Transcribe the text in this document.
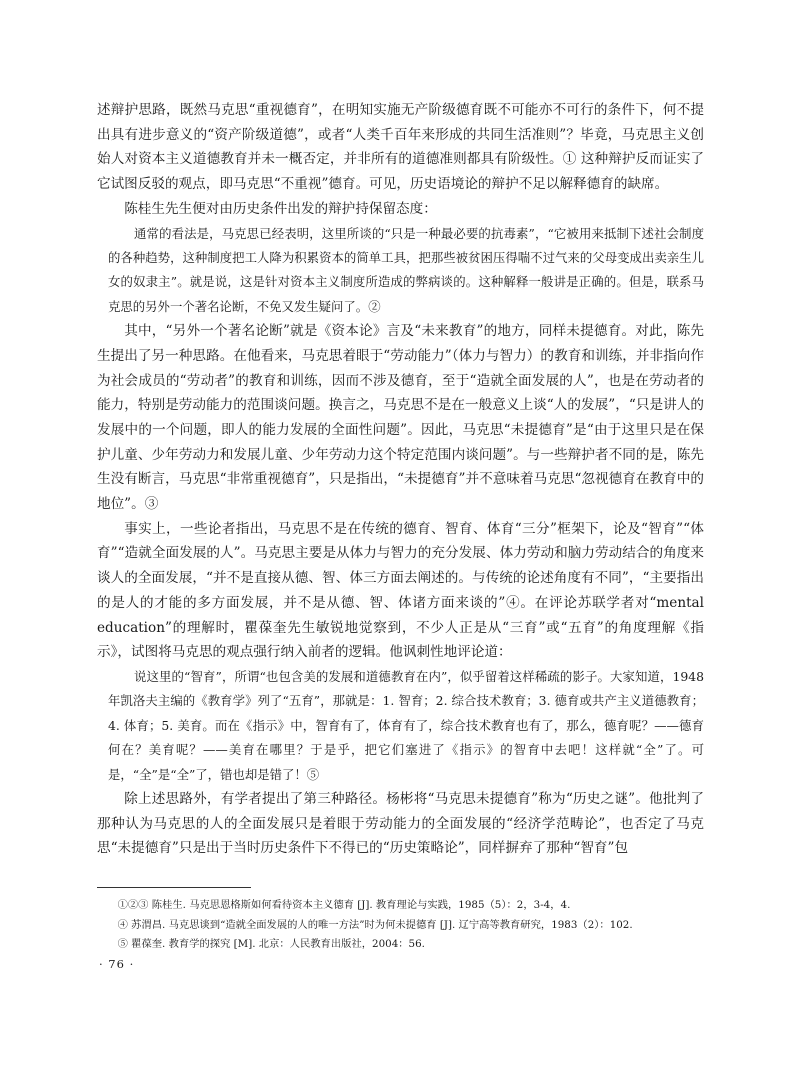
述辩护思路，既然马克思“重视德育”，在明知实施无产阶级德育既不可能亦不可行的条件下，何不提出具有进步意义的“资产阶级道德”，或者“人类千百年来形成的共同生活准则”？毕竟，马克思主义创始人对资本主义道德教育并未一概否定，并非所有的道德准则都具有阶级性。① 这种辩护反而证实了它试图反驳的观点，即马克思“不重视”德育。可见，历史语境论的辩护不足以解释德育的缺席。

陈桂生先生便对由历史条件出发的辩护持保留态度：

通常的看法是，马克思已经表明，这里所谈的“只是一种最必要的抗毒素”，“它被用来抵制下述社会制度的各种趋势，这种制度把工人降为积累资本的简单工具，把那些被贫困压得喘不过气来的父母变成出卖亲生儿女的奴隶主”。就是说，这是针对资本主义制度所造成的弊病谈的。这种解释一般讲是正确的。但是，联系马克思的另外一个著名论断，不免又发生疑问了。②

其中，“另外一个著名论断”就是《资本论》言及“未来教育”的地方，同样未提德育。对此，陈先生提出了另一种思路。在他看来，马克思着眼于“劳动能力”（体力与智力）的教育和训练，并非指向作为社会成员的“劳动者”的教育和训练，因而不涉及德育，至于“造就全面发展的人”，也是在劳动者的能力，特别是劳动能力的范围谈问题。换言之，马克思不是在一般意义上谈“人的发展”，“只是讲人的发展中的一个问题，即人的能力发展的全面性问题”。因此，马克思“未提德育”是“由于这里只是在保护儿童、少年劳动力和发展儿童、少年劳动力这个特定范围内谈问题”。与一些辩护者不同的是，陈先生没有断言，马克思“非常重视德育”，只是指出，“未提德育”并不意味着马克思“忽视德育在教育中的地位”。③

事实上，一些论者指出，马克思不是在传统的德育、智育、体育“三分”框架下，论及“智育”“体育”“造就全面发展的人”。马克思主要是从体力与智力的充分发展、体力劳动和脑力劳动结合的角度来谈人的全面发展，“并不是直接从德、智、体三方面去阐述的。与传统的论述角度有不同”，“主要指出的是人的才能的多方面发展，并不是从德、智、体诸方面来谈的”④。在评论苏联学者对“mental education”的理解时，瞿葆奎先生敏锐地觉察到，不少人正是从“三育”或“五育”的角度理解《指示》，试图将马克思的观点强行纳入前者的逻辑。他讽刺性地评论道：

说这里的“智育”，所谓“也包含美的发展和道德教育在内”，似乎留着这样稀疏的影子。大家知道，1948 年凯洛夫主编的《教育学》列了“五育”，那就是：1. 智育；2. 综合技术教育；3. 德育或共产主义道德教育；4. 体育；5. 美育。而在《指示》中，智育有了，体育有了，综合技术教育也有了，那么，德育呢？——德育何在？美育呢？——美育在哪里？于是乎，把它们塞进了《指示》的智育中去吧！这样就“全”了。可是，“全”是“全”了，错也却是错了！⑤

除上述思路外，有学者提出了第三种路径。杨彬将“马克思未提德育”称为“历史之谜”。他批判了那种认为马克思的人的全面发展只是着眼于劳动能力的全面发展的“经济学范畴论”，也否定了马克思“未提德育”只是出于当时历史条件下不得已的“历史策略论”，同样摒弃了那种“智育”包

①②③ 陈桂生. 马克思恩格斯如何看待资本主义德育 [J]. 教育理论与实践，1985（5）：2，3-4，4.

④ 苏渭昌. 马克思谈到“造就全面发展的人的唯一方法”时为何未提德育 [J]. 辽宁高等教育研究，1983（2）：102.

⑤ 瞿葆奎. 教育学的探究 [M]. 北京：人民教育出版社，2004：56.

· 76 ·
